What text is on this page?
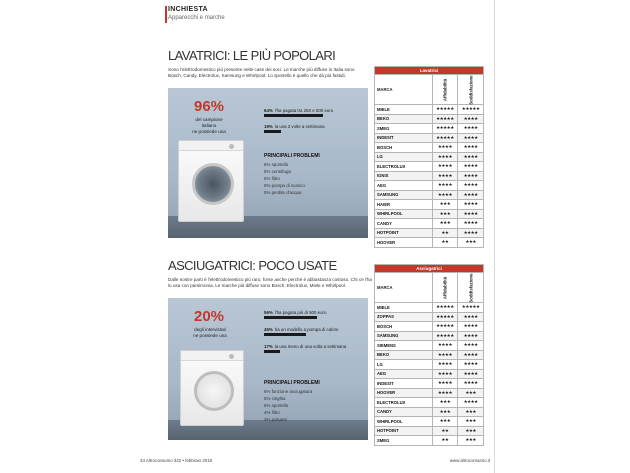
INCHIESTA
Apparecchi e marche
LAVATRICI: LE PIÙ POPOLARI
Sono l'elettrodomestico più presente nelle case dei soci. Le marche più diffuse in Italia sono Bosch, Candy, Electrolux, Samsung e Whirlpool. Lo sportello è quello che dà più fastidi.
96%
del campione
italiano
ne possiede una
64% l'ha pagata tra 250 e 500 euro
19% la usa 3 volte a settimana
PRINCIPALI PROBLEMI
6% sportello
5% centrifuga
5% filtro
5% pompa di scarico
5% perdite d'acqua
Lavatrici		
MARCA	Affidabilità	Soddisfazione

MIELE	★★★★★	★★★★★
BEKO	★★★★★	★★★★
SMEG	★★★★★	★★★★
INDESIT	★★★★★	★★★★
BOSCH	★★★★	★★★★
LG	★★★★	★★★★
ELECTROLUX	★★★★	★★★★
IGNIS	★★★★	★★★★
AEG	★★★★	★★★★
SAMSUNG	★★★★	★★★★
HAIER	★★★	★★★★
WHIRLPOOL	★★★	★★★★
CANDY	★★★	★★★★
HOTPOINT	★★	★★★★
HOOVER	★★	★★★
ASCIUGATRICI: POCO USATE
Dalle nostre parti è l'elettrodomestico più raro, forse anche perché è abbastanza costoso. Chi ce l'ha lo usa con parsimonia. Le marche più diffuse sono Bosch, Electrolux, Miele e Whirlpool.
20%
degli intervistati
ne possiede una
56% l'ha pagata più di 500 euro
45% ha un modello a pompa di calore
17% la usa meno di una volta a settimana
PRINCIPALI PROBLEMI
6% funzione asciugatura
5% cinghia
5% sportello
4% filtro
3% pulsanti
Asciugatrici		
MARCA	Affidabilità	Soddisfazione

MIELE	★★★★★	★★★★★
ZOPPAS	★★★★★	★★★★
BOSCH	★★★★★	★★★★
SAMSUNG	★★★★★	★★★★
SIEMENS	★★★★	★★★★
BEKO	★★★★	★★★★
LG	★★★★	★★★★
AEG	★★★★	★★★★
INDESIT	★★★★	★★★★
HOOVER	★★★★	★★★
ELECTROLUX	★★★	★★★★
CANDY	★★★	★★★
WHIRLPOOL	★★★	★★★
HOTPOINT	★★	★★★
SMEG	★★	★★★
34 Altroconsumo 322 • febbraio 2018	www.altroconsumo.it
